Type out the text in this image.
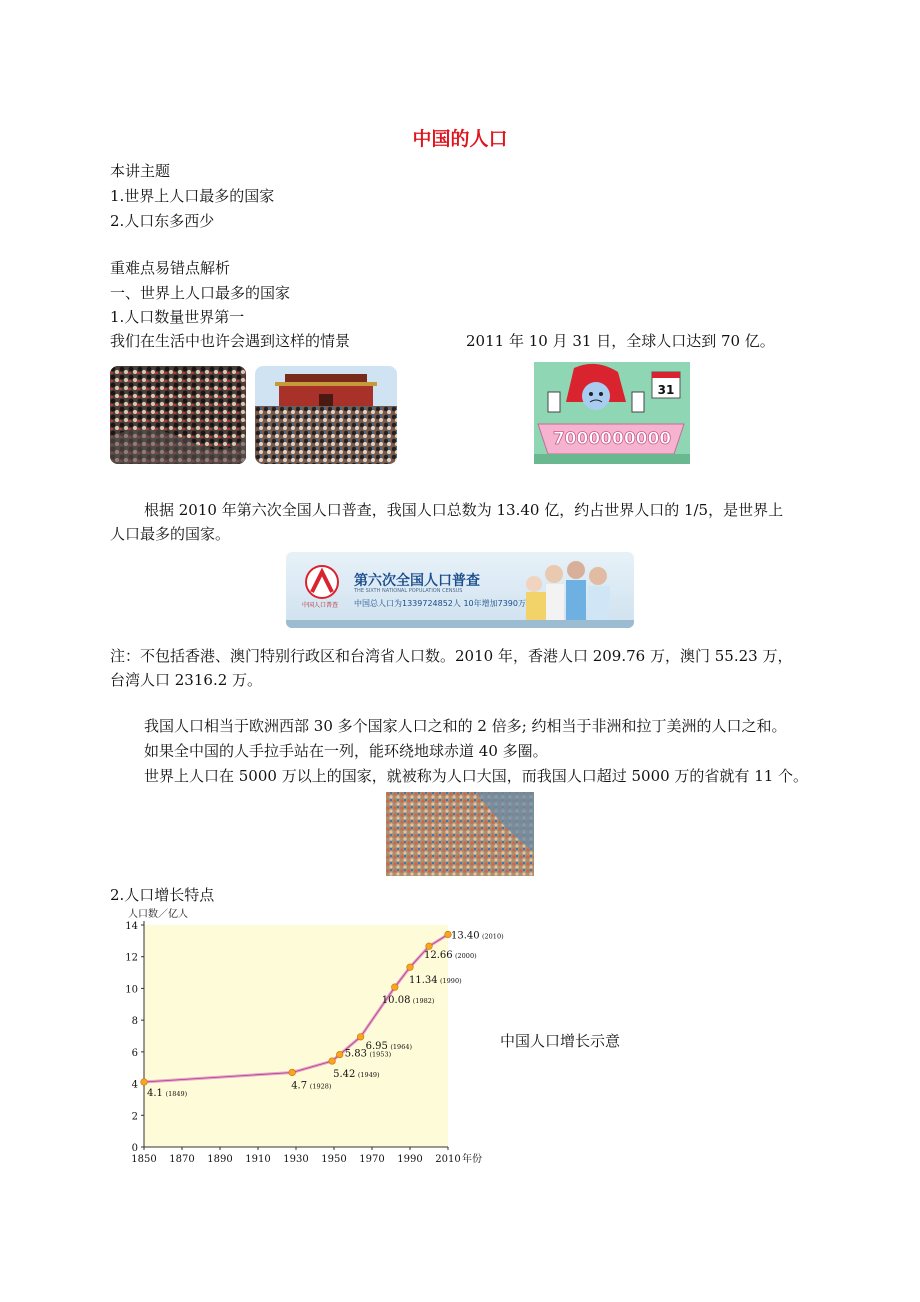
中国的人口
本讲主题
1.世界上人口最多的国家
2.人口东多西少
重难点易错点解析
一、世界上人口最多的国家
1.人口数量世界第一
我们在生活中也许会遇到这样的情景	2011 年 10 月 31 日，全球人口达到 70 亿。
31
7000000000
根据 2010 年第六次全国人口普查，我国人口总数为 13.40 亿，约占世界人口的 1/5，是世界上
人口最多的国家。
中国人口普查
第六次全国人口普查
THE SIXTH NATIONAL POPULATION CENSUS
中国总人口为1339724852人 10年增加7390万
注：不包括香港、澳门特别行政区和台湾省人口数。2010 年，香港人口 209.76 万，澳门 55.23 万，
台湾人口 2316.2 万。
我国人口相当于欧洲西部 30 多个国家人口之和的 2 倍多; 约相当于非洲和拉丁美洲的人口之和。
如果全中国的人手拉手站在一列，能环绕地球赤道 40 多圈。
世界上人口在 5000 万以上的国家，就被称为人口大国，而我国人口超过 5000 万的省就有 11 个。
2.人口增长特点
人口数／亿人
0
2
4
6
8
10
12
14
1850 1870 1890 1910 1930 1950 1970 1990 2010 年份
4.1 (1849)
4.7 (1928)
5.42 (1949)
5.83 (1953)
6.95 (1964)
10.08 (1982)
11.34 (1990)
12.66 (2000)
13.40 (2010)
中国人口增长示意
